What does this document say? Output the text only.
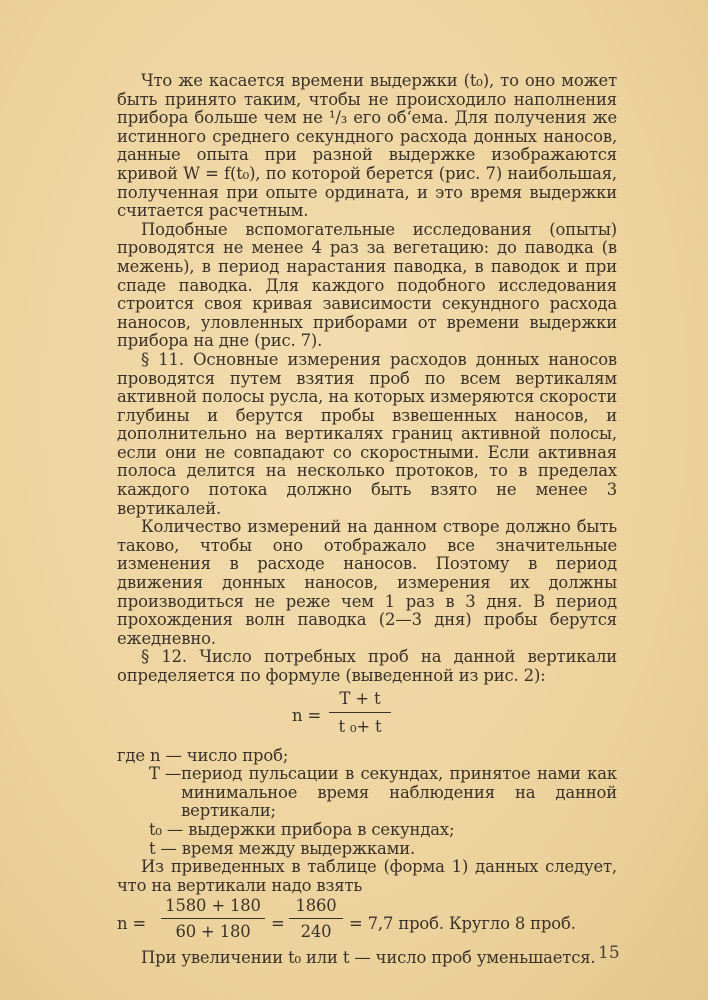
Что же касается времени выдержки (t₀), то оно может быть принято таким, чтобы не происходило наполнения прибора больше чем не ¹/₃ его об‘ема. Для получения же истинного среднего секундного расхода донных наносов, данные опыта при разной выдержке изображаются кривой W = f(t₀), по которой берется (рис. 7) наибольшая, полученная при опыте ордината, и это время выдержки считается расчетным.

Подобные вспомогательные исследования (опыты) проводятся не менее 4 раз за вегетацию: до паводка (в межень), в период нарастания паводка, в паводок и при спаде паводка. Для каждого подобного исследования строится своя кривая зависимости секундного расхода наносов, уловленных приборами от времени выдержки прибора на дне (рис. 7).

§ 11. Основные измерения расходов донных наносов проводятся путем взятия проб по всем вертикалям активной полосы русла, на которых измеряются скорости глубины и берутся пробы взвешенных наносов, и дополнительно на вертикалях границ активной полосы, если они не совпадают со скоростными. Если активная полоса делится на несколько протоков, то в пределах каждого потока должно быть взято не менее 3 вертикалей.

Количество измерений на данном створе должно быть таково, чтобы оно отображало все значительные изменения в расходе наносов. Поэтому в период движения донных наносов, измерения их должны производиться не реже чем 1 раз в 3 дня. В период прохождения волн паводка (2—3 дня) пробы берутся ежедневно.

§ 12. Число потребных проб на данной вертикали определяется по формуле (выведенной из рис. 2):

n =
T + t
t ₀+ t

где n — число проб;

T — период пульсации в секундах, принятое нами как минимальное время наблюдения на данной вертикали;

t₀ — выдержки прибора в секундах;

t — время между выдержками.

Из приведенных в таблице (форма 1) данных следует, что на вертикали надо взять

n =
1580 + 180
60 + 180	=
1860
240	= 7,7 проб. Кругло 8 проб.

При увеличении t₀ или t — число проб уменьшается. 15
